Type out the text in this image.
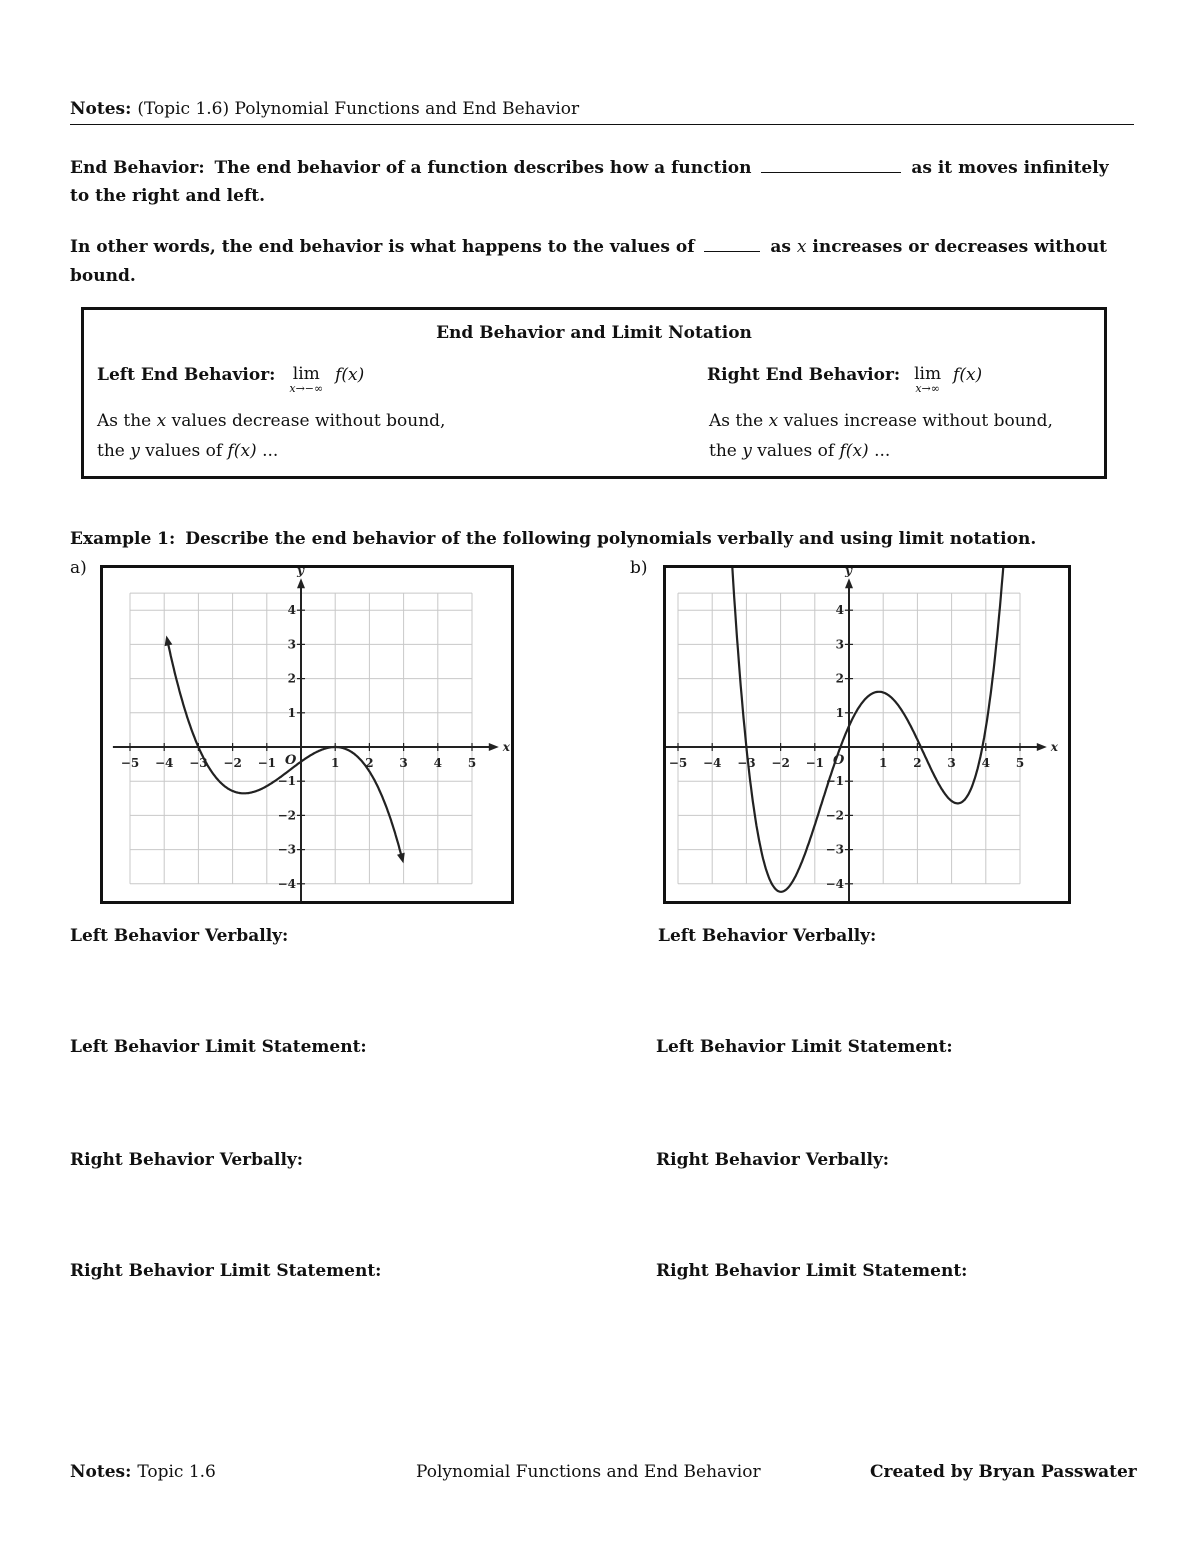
Notes: (Topic 1.6) Polynomial Functions and End Behavior
End Behavior: The end behavior of a function describes how a function	as it moves infinitely
to the right and left.
In other words, the end behavior is what happens to the values of	as x increases or decreases without
bound.
End Behavior and Limit Notation
Left End Behavior: lim
x→−∞
f(x)
As the x values decrease without bound,
the y values of f(x) ...
Right End Behavior: lim
x→∞
f(x)
As the x values increase without bound,
the y values of f(x) ...
Example 1: Describe the end behavior of the following polynomials verbally and using limit notation.
a)
x
y
O
−5 −4 −3 −2 −1	1 2 3 4 5
4
3
2
1
−1
−2
−3
−4
b)
x
y
O
−5 −4 −3 −2 −1	1 2 3 4 5
4
3
2
1
−1
−2
−3
−4
Left Behavior Verbally:	Left Behavior Verbally:
Left Behavior Limit Statement:	Left Behavior Limit Statement:
Right Behavior Verbally:	Right Behavior Verbally:
Right Behavior Limit Statement:	Right Behavior Limit Statement:
Notes: Topic 1.6	Polynomial Functions and End Behavior	Created by Bryan Passwater
